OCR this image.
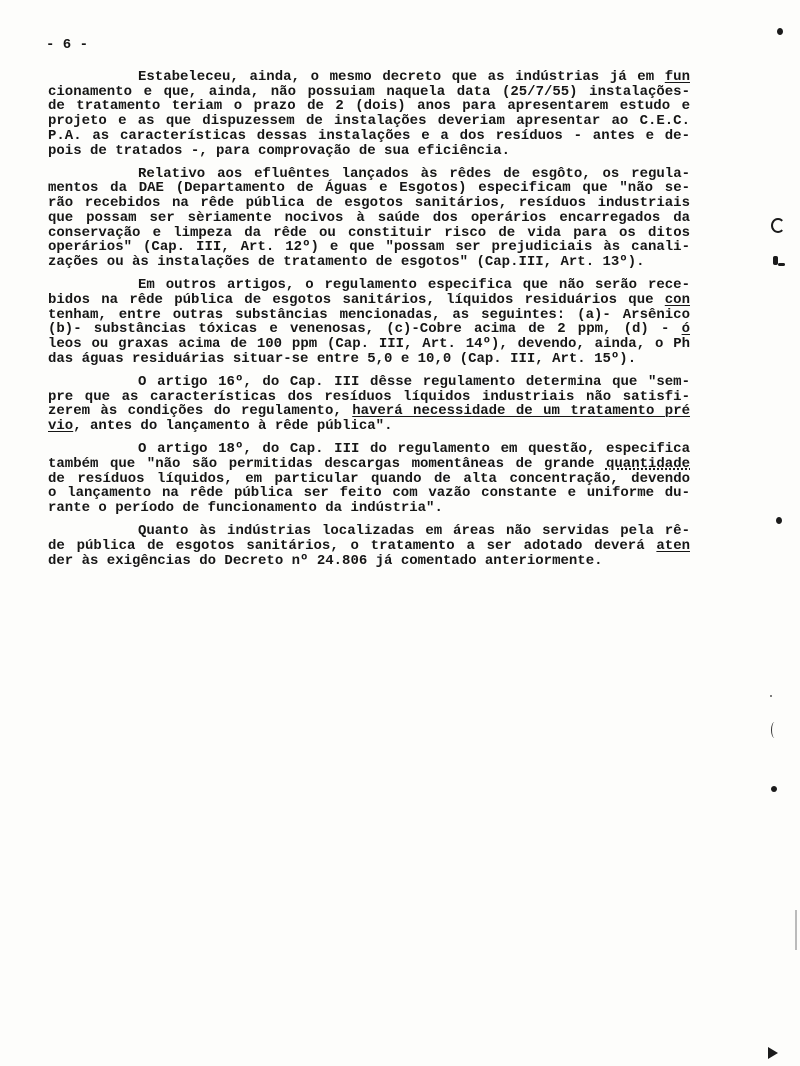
- 6 -
Estabeleceu, ainda, o mesmo decreto que as indústrias já em fun
cionamento e que, ainda, não possuiam naquela data (25/7/55) instalações-
de tratamento teriam o prazo de 2 (dois) anos para apresentarem estudo e
projeto e as que dispuzessem de instalações deveriam apresentar ao C.E.C.
P.A. as características dessas instalações e a dos resíduos - antes e de-
pois de tratados -, para comprovação de sua eficiência.
Relativo aos efluêntes lançados às rêdes de esgôto, os regula-
mentos da DAE (Departamento de Águas e Esgotos) especificam que "não se-
rão recebidos na rêde pública de esgotos sanitários, resíduos industriais
que possam ser sèriamente nocivos à saúde dos operários encarregados da
conservação e limpeza da rêde ou constituir risco de vida para os ditos
operários" (Cap. III, Art. 12º) e que "possam ser prejudiciais às canali-
zações ou às instalações de tratamento de esgotos" (Cap.III, Art. 13º).
Em outros artigos, o regulamento especifica que não serão rece-
bidos na rêde pública de esgotos sanitários, líquidos residuários que con
tenham, entre outras substâncias mencionadas, as seguintes: (a)- Arsênico
(b)- substâncias tóxicas e venenosas, (c)-Cobre acima de 2 ppm, (d) - ó
leos ou graxas acima de 100 ppm (Cap. III, Art. 14º), devendo, ainda, o Ph
das águas residuárias situar-se entre 5,0 e 10,0 (Cap. III, Art. 15º).
O artigo 16º, do Cap. III dêsse regulamento determina que "sem-
pre que as características dos resíduos líquidos industriais não satisfi-
zerem às condições do regulamento, haverá necessidade de um tratamento pré
vio, antes do lançamento à rêde pública".
O artigo 18º, do Cap. III do regulamento em questão, especifica
também que "não são permitidas descargas momentâneas de grande quantidade
de resíduos líquidos, em particular quando de alta concentração, devendo
o lançamento na rêde pública ser feito com vazão constante e uniforme du-
rante o período de funcionamento da indústria".
Quanto às indústrias localizadas em áreas não servidas pela rê-
de pública de esgotos sanitários, o tratamento a ser adotado deverá aten
der às exigências do Decreto nº 24.806 já comentado anteriormente.
